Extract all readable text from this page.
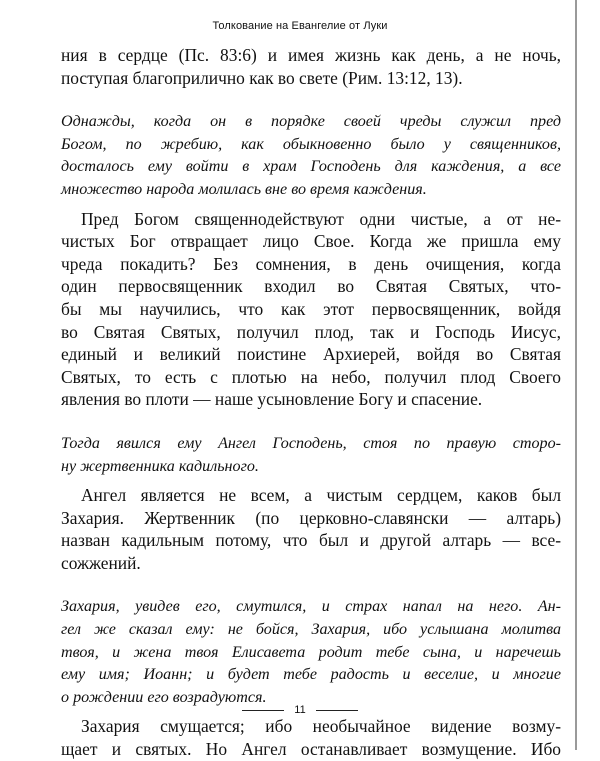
Толкование на Евангелие от Луки
ния в сердце (Пс. 83:6) и имея жизнь как день, а не ночь,
поступая благоприлично как во свете (Рим. 13:12, 13).
Однажды, когда он в порядке своей чреды служил пред
Богом, по жребию, как обыкновенно было у священников,
досталось ему войти в храм Господень для каждения, а все
множество народа молилась вне во время каждения.
Пред Богом священнодействуют одни чистые, а от не-
чистых Бог отвращает лицо Свое. Когда же пришла ему
чреда покадить? Без сомнения, в день очищения, когда
один первосвященник входил во Святая Святых, что-
бы мы научились, что как этот первосвященник, войдя
во Святая Святых, получил плод, так и Господь Иисус,
единый и великий поистине Архиерей, войдя во Святая
Святых, то есть с плотью на небо, получил плод Своего
явления во плоти — наше усыновление Богу и спасение.
Тогда явился ему Ангел Господень, стоя по правую сторо-
ну жертвенника кадильного.
Ангел является не всем, а чистым сердцем, каков был
Захария. Жертвенник (по церковно-славянски — алтарь)
назван кадильным потому, что был и другой алтарь — все-
сожжений.
Захария, увидев его, смутился, и страх напал на него. Ан-
гел же сказал ему: не бойся, Захария, ибо услышана молитва
твоя, и жена твоя Елисавета родит тебе сына, и наречешь
ему имя; Иоанн; и будет тебе радость и веселие, и многие
о рождении его возрадуются.
Захария смущается; ибо необычайное видение возму-
щает и святых. Но Ангел останавливает возмущение. Ибо
11
